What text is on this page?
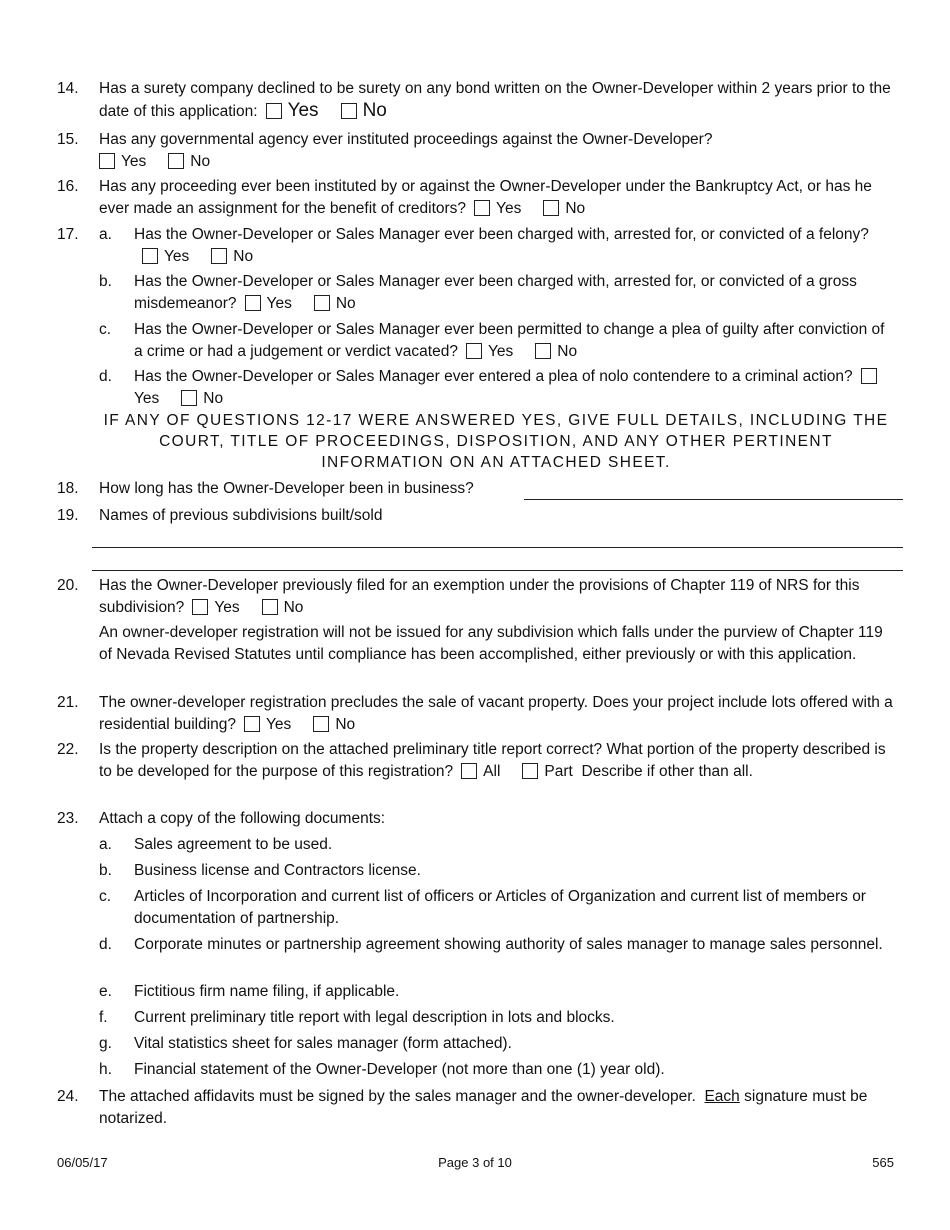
14.	Has a surety company declined to be surety on any bond written on the Owner-Developer within 2 years prior to the date of this application: Yes No
15.	Has any governmental agency ever instituted proceedings against the Owner-Developer?
Yes	No
16.	Has any proceeding ever been instituted by or against the Owner-Developer under the Bankruptcy Act, or has he ever made an assignment for the benefit of creditors? Yes	No
17.	a.	Has the Owner-Developer or Sales Manager ever been charged with, arrested for, or convicted of a felony?Yes	No
b.	Has the Owner-Developer or Sales Manager ever been charged with, arrested for, or convicted of a gross misdemeanor? Yes	No
c.	Has the Owner-Developer or Sales Manager ever been permitted to change a plea of guilty after conviction of a crime or had a judgement or verdict vacated? Yes	No
d.	Has the Owner-Developer or Sales Manager ever entered a plea of nolo contendere to a criminal action?Yes	No
IF ANY OF QUESTIONS 12-17 WERE ANSWERED YES, GIVE FULL DETAILS, INCLUDING THE COURT, TITLE OF PROCEEDINGS, DISPOSITION, AND ANY OTHER PERTINENT INFORMATION ON AN ATTACHED SHEET.
18.	How long has the Owner-Developer been in business?
19.	Names of previous subdivisions built/sold
20.	Has the Owner-Developer previously filed for an exemption under the provisions of Chapter 119 of NRS for this subdivision? Yes	No
An owner-developer registration will not be issued for any subdivision which falls under the purview of Chapter 119 of Nevada Revised Statutes until compliance has been accomplished, either previously or with this application.
21.	The owner-developer registration precludes the sale of vacant property. Does your project include lots offered with a residential building? Yes	No
22.	Is the property description on the attached preliminary title report correct? What portion of the property described is to be developed for the purpose of this registration? All	Part Describe if other than all.
23.	Attach a copy of the following documents:
a.	Sales agreement to be used.
b.	Business license and Contractors license.
c.	Articles of Incorporation and current list of officers or Articles of Organization and current list of members or documentation of partnership.
d.	Corporate minutes or partnership agreement showing authority of sales manager to manage sales personnel.
e.	Fictitious firm name filing, if applicable.
f.	Current preliminary title report with legal description in lots and blocks.
g.	Vital statistics sheet for sales manager (form attached).
h.	Financial statement of the Owner-Developer (not more than one (1) year old).
24.	The attached affidavits must be signed by the sales manager and the owner-developer. Each signature must be notarized.
06/05/17	Page 3 of 10	565
